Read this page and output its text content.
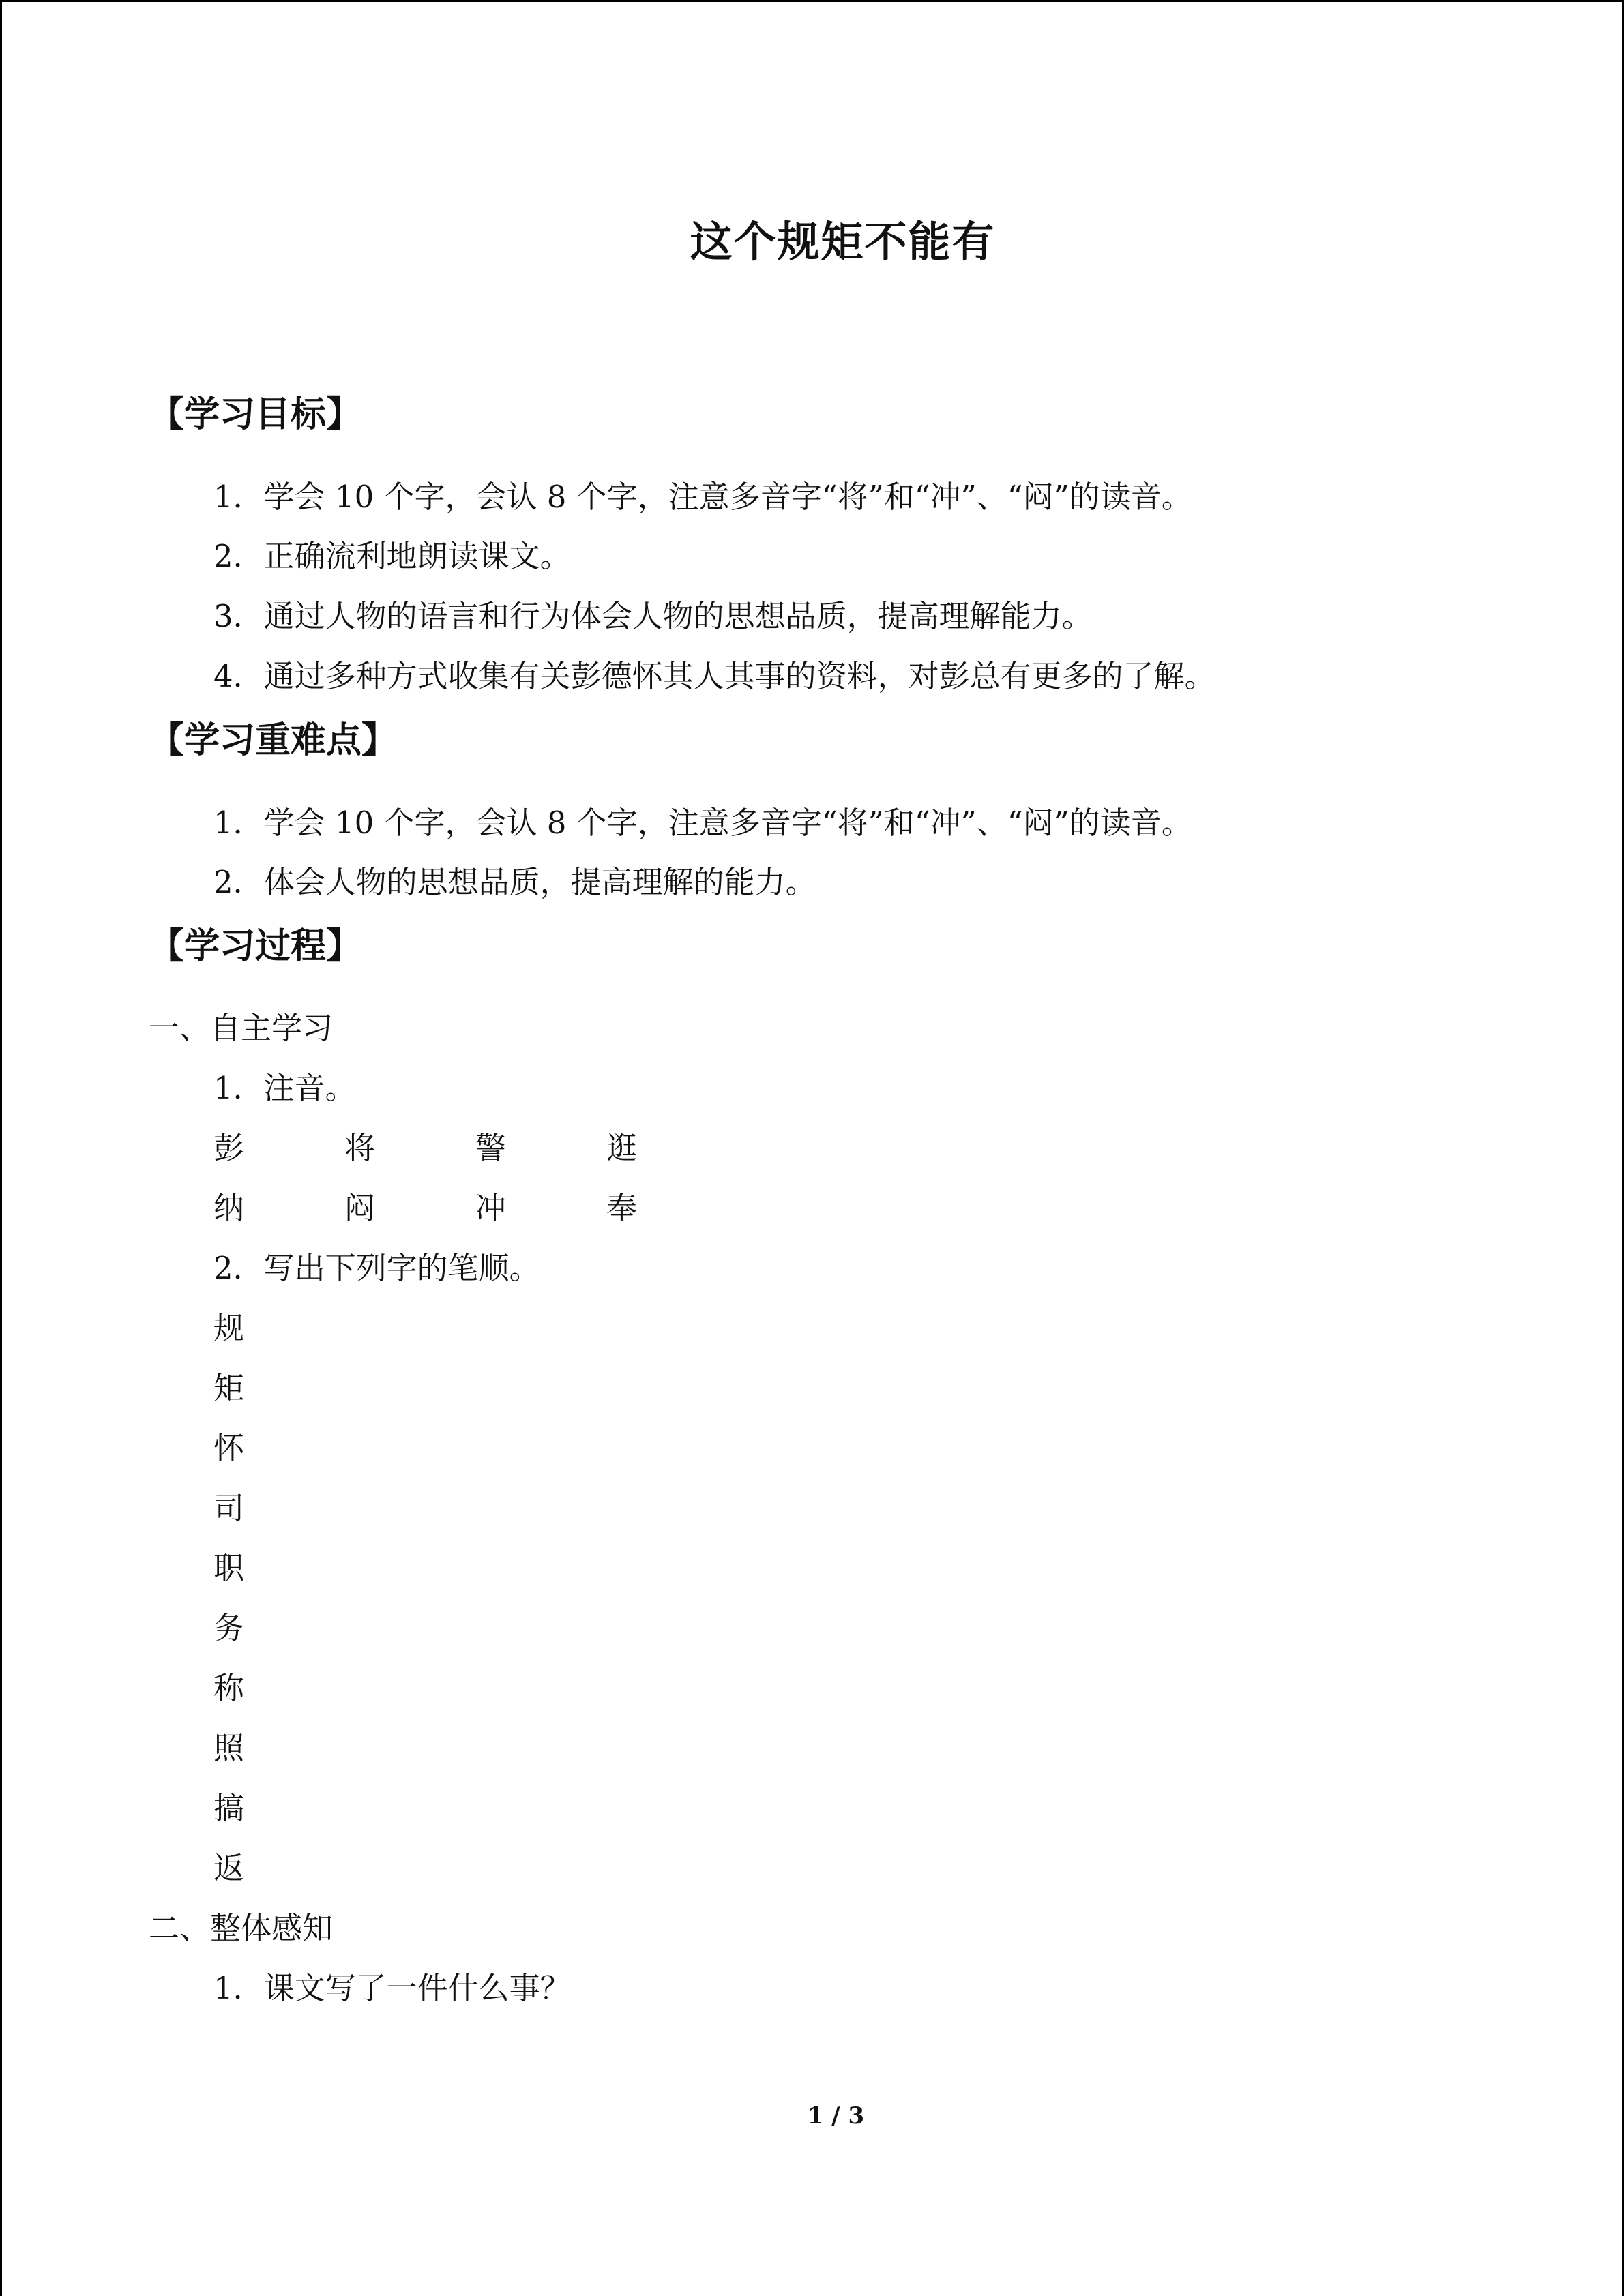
这个规矩不能有
【学习目标】
1．学会 10 个字，会认 8 个字，注意多音字“将”和“冲”、“闷”的读音。
2．正确流利地朗读课文。
3．通过人物的语言和行为体会人物的思想品质，提高理解能力。
4．通过多种方式收集有关彭德怀其人其事的资料，对彭总有更多的了解。
【学习重难点】
1．学会 10 个字，会认 8 个字，注意多音字“将”和“冲”、“闷”的读音。
2．体会人物的思想品质，提高理解的能力。
【学习过程】
一、自主学习
1．注音。
彭	将	警	逛
纳	闷	冲	奉
2．写出下列字的笔顺。
规
矩
怀
司
职
务
称
照
搞
返
二、整体感知
1．课文写了一件什么事？
1 / 3
